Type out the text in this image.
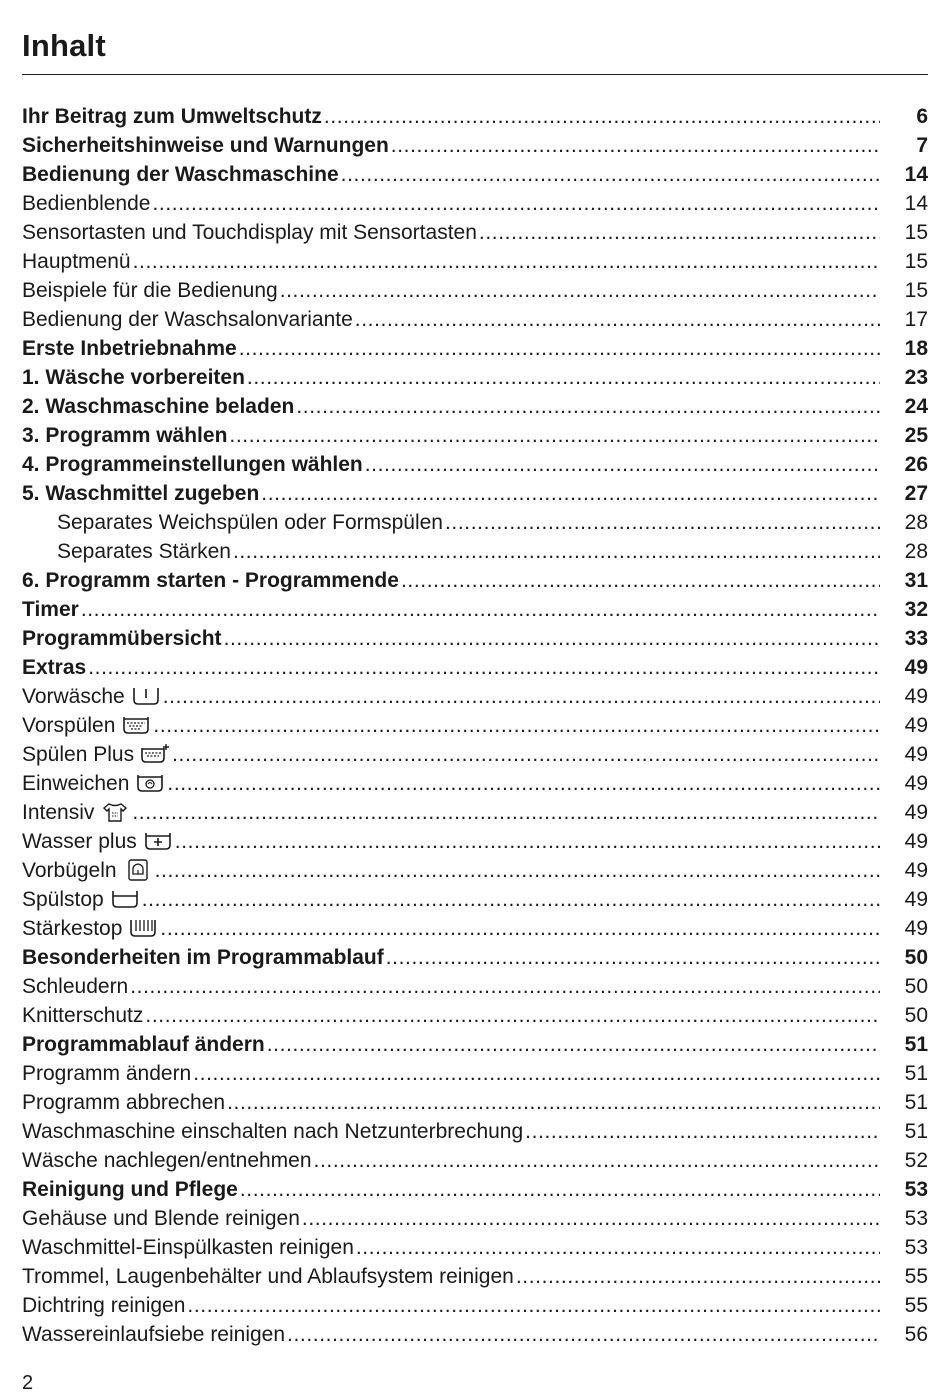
Inhalt
Ihr Beitrag zum Umweltschutz .....	6
Sicherheitshinweise und Warnungen .....	7
Bedienung der Waschmaschine .....	14
Bedienblende .....	14
Sensortasten und Touchdisplay mit Sensortasten .....	15
Hauptmenü .....	15
Beispiele für die Bedienung .....	15
Bedienung der Waschsalonvariante .....	17
Erste Inbetriebnahme .....	18
1. Wäsche vorbereiten .....	23
2. Waschmaschine beladen .....	24
3. Programm wählen .....	25
4. Programmeinstellungen wählen .....	26
5. Waschmittel zugeben .....	27
Separates Weichspülen oder Formspülen .....	28
Separates Stärken .....	28
6. Programm starten - Programmende .....	31
Timer .....	32
Programmübersicht .....	33
Extras .....	49
Vorwäsche .....	49
Vorspülen .....	49
Spülen Plus .....	49
Einweichen .....	49
Intensiv .....	49
Wasser plus .....	49
Vorbügeln .....	49
Spülstop .....	49
Stärkestop .....	49
Besonderheiten im Programmablauf .....	50
Schleudern .....	50
Knitterschutz .....	50
Programmablauf ändern .....	51
Programm ändern .....	51
Programm abbrechen .....	51
Waschmaschine einschalten nach Netzunterbrechung .....	51
Wäsche nachlegen/entnehmen .....	52
Reinigung und Pflege .....	53
Gehäuse und Blende reinigen .....	53
Waschmittel-Einspülkasten reinigen .....	53
Trommel, Laugenbehälter und Ablaufsystem reinigen .....	55
Dichtring reinigen .....	55
Wassereinlaufsiebe reinigen .....	56
2
